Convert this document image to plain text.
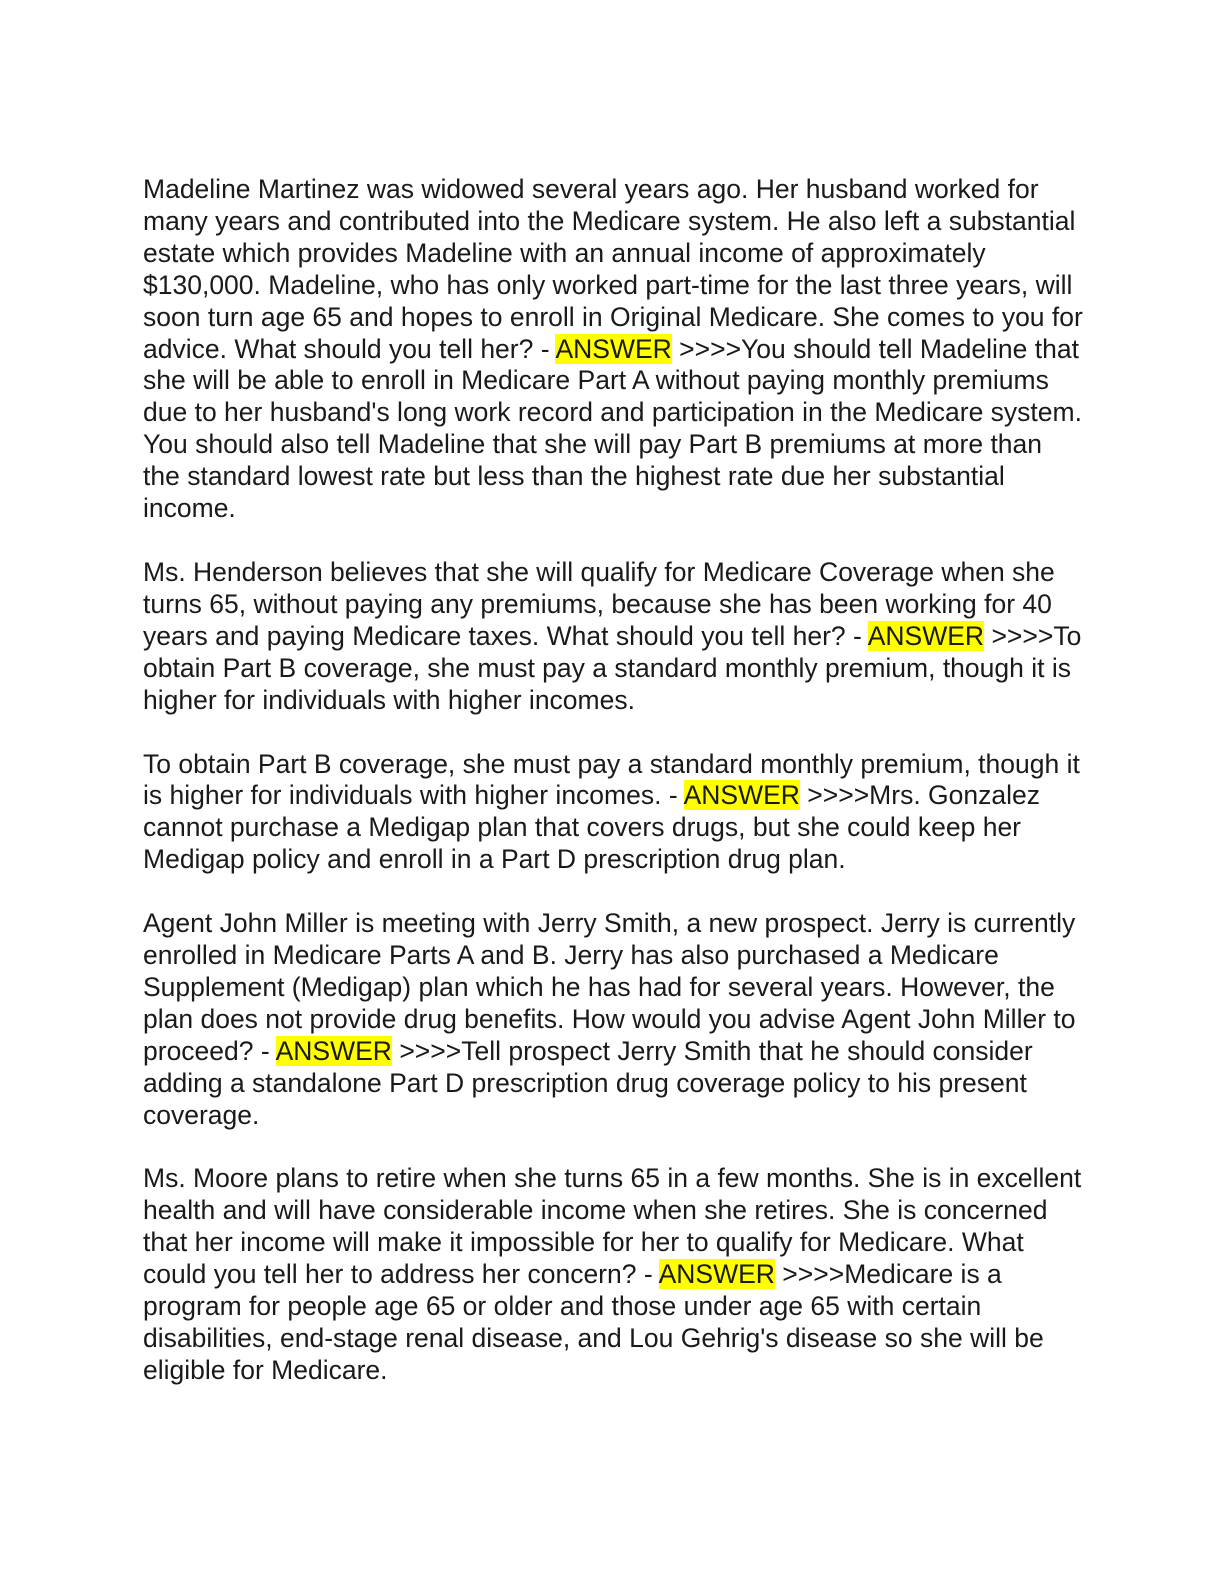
Madeline Martinez was widowed several years ago. Her husband worked for many years and contributed into the Medicare system. He also left a substantial estate which provides Madeline with an annual income of approximately $130,000. Madeline, who has only worked part-time for the last three years, will soon turn age 65 and hopes to enroll in Original Medicare. She comes to you for advice. What should you tell her? - ANSWER >>>>You should tell Madeline that she will be able to enroll in Medicare Part A without paying monthly premiums due to her husband's long work record and participation in the Medicare system. You should also tell Madeline that she will pay Part B premiums at more than the standard lowest rate but less than the highest rate due her substantial income.

Ms. Henderson believes that she will qualify for Medicare Coverage when she turns 65, without paying any premiums, because she has been working for 40 years and paying Medicare taxes. What should you tell her? - ANSWER >>>>To obtain Part B coverage, she must pay a standard monthly premium, though it is higher for individuals with higher incomes.

To obtain Part B coverage, she must pay a standard monthly premium, though it is higher for individuals with higher incomes. - ANSWER >>>>Mrs. Gonzalez cannot purchase a Medigap plan that covers drugs, but she could keep her Medigap policy and enroll in a Part D prescription drug plan.

Agent John Miller is meeting with Jerry Smith, a new prospect. Jerry is currently enrolled in Medicare Parts A and B. Jerry has also purchased a Medicare Supplement (Medigap) plan which he has had for several years. However, the plan does not provide drug benefits. How would you advise Agent John Miller to proceed? - ANSWER >>>>Tell prospect Jerry Smith that he should consider adding a standalone Part D prescription drug coverage policy to his present coverage.

Ms. Moore plans to retire when she turns 65 in a few months. She is in excellent health and will have considerable income when she retires. She is concerned that her income will make it impossible for her to qualify for Medicare. What could you tell her to address her concern? - ANSWER >>>>Medicare is a program for people age 65 or older and those under age 65 with certain disabilities, end-stage renal disease, and Lou Gehrig's disease so she will be eligible for Medicare.
